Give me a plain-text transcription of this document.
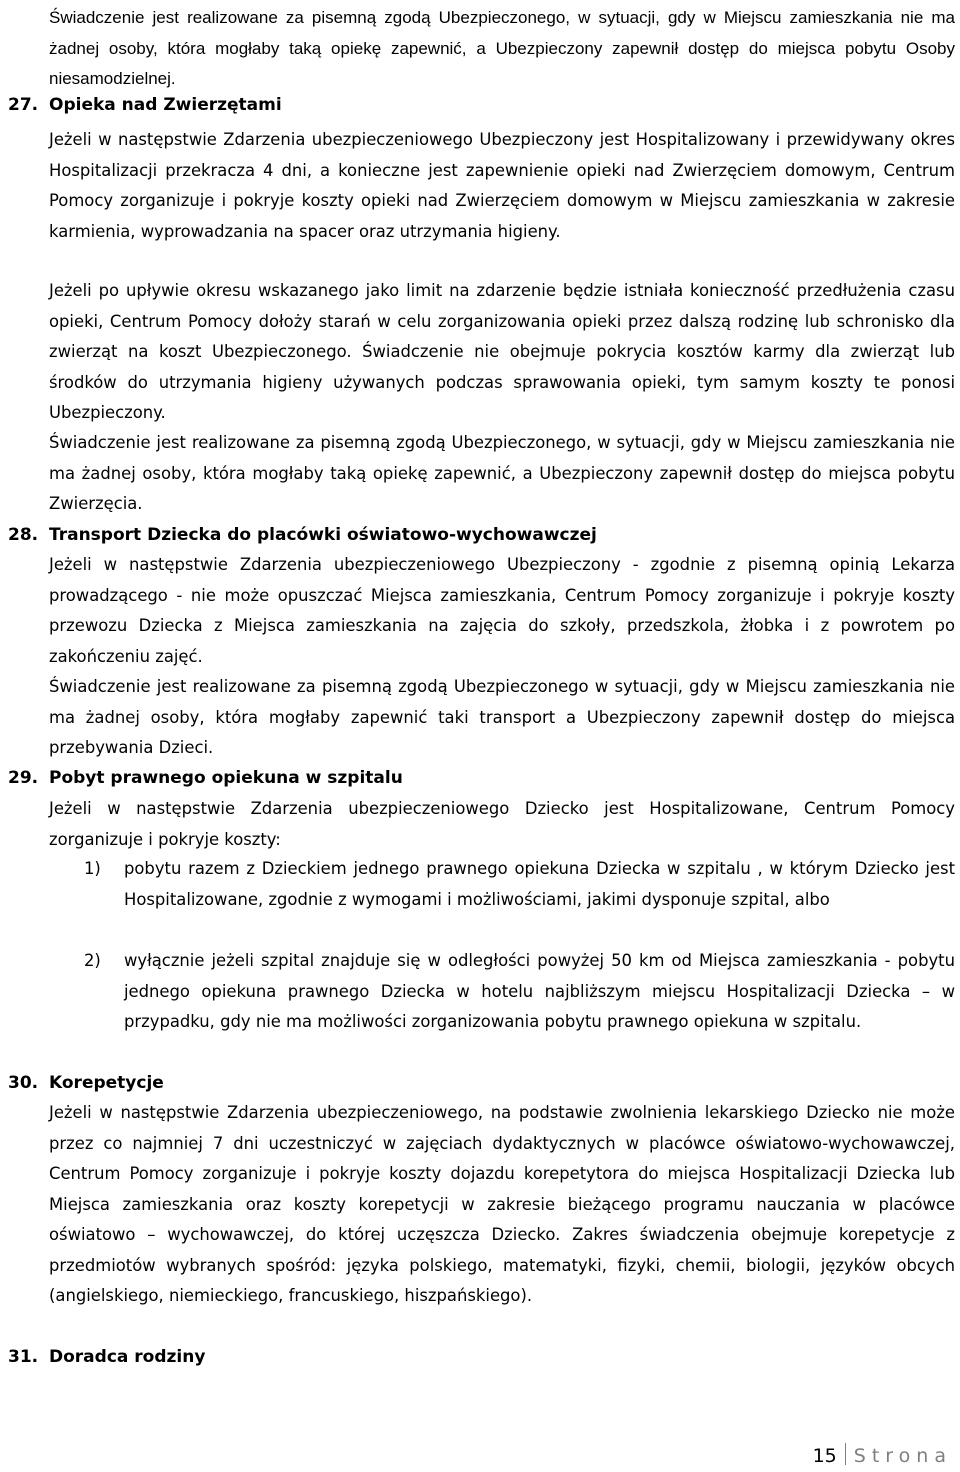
Świadczenie jest realizowane za pisemną zgodą Ubezpieczonego, w sytuacji, gdy w Miejscu zamieszkania nie ma żadnej osoby, która mogłaby taką opiekę zapewnić, a Ubezpieczony zapewnił dostęp do miejsca pobytu Osoby niesamodzielnej.

27. Opieka nad Zwierzętami

Jeżeli w następstwie Zdarzenia ubezpieczeniowego Ubezpieczony jest Hospitalizowany i przewidywany okres Hospitalizacji przekracza 4 dni, a konieczne jest zapewnienie opieki nad Zwierzęciem domowym, Centrum Pomocy zorganizuje i pokryje koszty opieki nad Zwierzęciem domowym w Miejscu zamieszkania w zakresie karmienia, wyprowadzania na spacer oraz utrzymania higieny.

Jeżeli po upływie okresu wskazanego jako limit na zdarzenie będzie istniała konieczność przedłużenia czasu opieki, Centrum Pomocy dołoży starań w celu zorganizowania opieki przez dalszą rodzinę lub schronisko dla zwierząt na koszt Ubezpieczonego. Świadczenie nie obejmuje pokrycia kosztów karmy dla zwierząt lub środków do utrzymania higieny używanych podczas sprawowania opieki, tym samym koszty te ponosi Ubezpieczony.

Świadczenie jest realizowane za pisemną zgodą Ubezpieczonego, w sytuacji, gdy w Miejscu zamieszkania nie ma żadnej osoby, która mogłaby taką opiekę zapewnić, a Ubezpieczony zapewnił dostęp do miejsca pobytu Zwierzęcia.

28. Transport Dziecka do placówki oświatowo-wychowawczej

Jeżeli w następstwie Zdarzenia ubezpieczeniowego Ubezpieczony - zgodnie z pisemną opinią Lekarza prowadzącego - nie może opuszczać Miejsca zamieszkania, Centrum Pomocy zorganizuje i pokryje koszty przewozu Dziecka z Miejsca zamieszkania na zajęcia do szkoły, przedszkola, żłobka i z powrotem po zakończeniu zajęć.

Świadczenie jest realizowane za pisemną zgodą Ubezpieczonego w sytuacji, gdy w Miejscu zamieszkania nie ma żadnej osoby, która mogłaby zapewnić taki transport a Ubezpieczony zapewnił dostęp do miejsca przebywania Dzieci.

29. Pobyt prawnego opiekuna w szpitalu

Jeżeli w następstwie Zdarzenia ubezpieczeniowego Dziecko jest Hospitalizowane, Centrum Pomocy zorganizuje i pokryje koszty:

1) pobytu razem z Dzieckiem jednego prawnego opiekuna Dziecka w szpitalu , w którym Dziecko jest Hospitalizowane, zgodnie z wymogami i możliwościami, jakimi dysponuje szpital, albo
2) wyłącznie jeżeli szpital znajduje się w odległości powyżej 50 km od Miejsca zamieszkania - pobytu jednego opiekuna prawnego Dziecka w hotelu najbliższym miejscu Hospitalizacji Dziecka – w przypadku, gdy nie ma możliwości zorganizowania pobytu prawnego opiekuna w szpitalu.
30. Korepetycje

Jeżeli w następstwie Zdarzenia ubezpieczeniowego, na podstawie zwolnienia lekarskiego Dziecko nie może przez co najmniej 7 dni uczestniczyć w zajęciach dydaktycznych w placówce oświatowo-wychowawczej, Centrum Pomocy zorganizuje i pokryje koszty dojazdu korepetytora do miejsca Hospitalizacji Dziecka lub Miejsca zamieszkania oraz koszty korepetycji w zakresie bieżącego programu nauczania w placówce oświatowo – wychowawczej, do której uczęszcza Dziecko. Zakres świadczenia obejmuje korepetycje z przedmiotów wybranych spośród: języka polskiego, matematyki, fizyki, chemii, biologii, języków obcych (angielskiego, niemieckiego, francuskiego, hiszpańskiego).

31. Doradca rodziny
15 Strona
